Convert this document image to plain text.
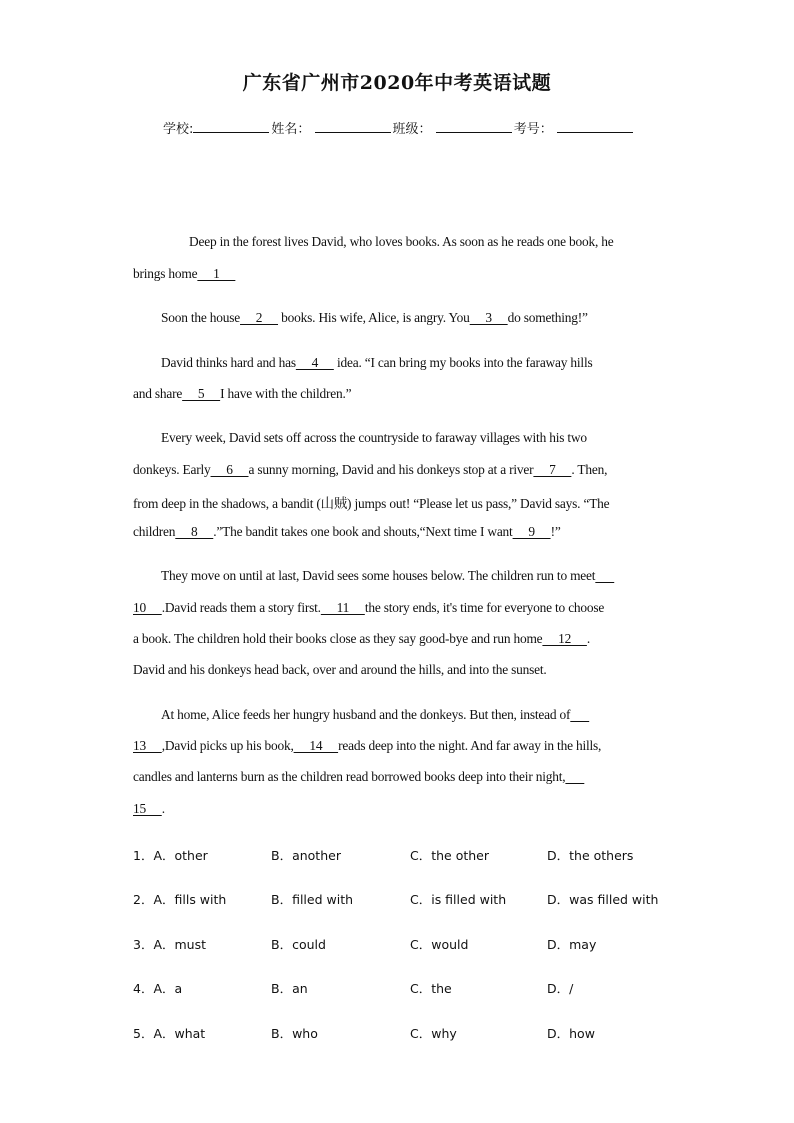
广东省广州市2020年中考英语试题
学校:	姓名：	班级：	考号：
Deep in the forest lives David, who loves books. As soon as he reads one book, he
brings home     1
Soon the house     2      books. His wife, Alice, is angry. You     3     do something!”
David thinks hard and has     4      idea. “I can bring my books into the faraway hills
and share     5     I have with the children.”
Every week, David sets off across the countryside to faraway villages with his two
donkeys. Early     6     a sunny morning, David and his donkeys stop at a river     7     . Then,
from deep in the shadows, a bandit (山贼) jumps out! “Please let us pass,” David says. “The
children     8     .”The bandit takes one book and shouts,“Next time I want     9     !”
They move on until at last, David sees some houses below. The children run to meet
10     .David reads them a story first.     11     the story ends, it's time for everyone to choose
a book. The children hold their books close as they say good-bye and run home     12     .
David and his donkeys head back, over and around the hills, and into the sunset.
At home, Alice feeds her hungry husband and the donkeys. But then, instead of
13     ,David picks up his book,     14     reads deep into the night. And far away in the hills,
candles and lanterns burn as the children read borrowed books deep into their night,
15     .
1．A．other	B．another	C．the other	D．the others
2．A．fills with	B．filled with	C．is filled with	D．was filled with
3．A．must	B．could	C．would	D．may
4．A．a	B．an	C．the	D．/
5．A．what	B．who	C．why	D．how
